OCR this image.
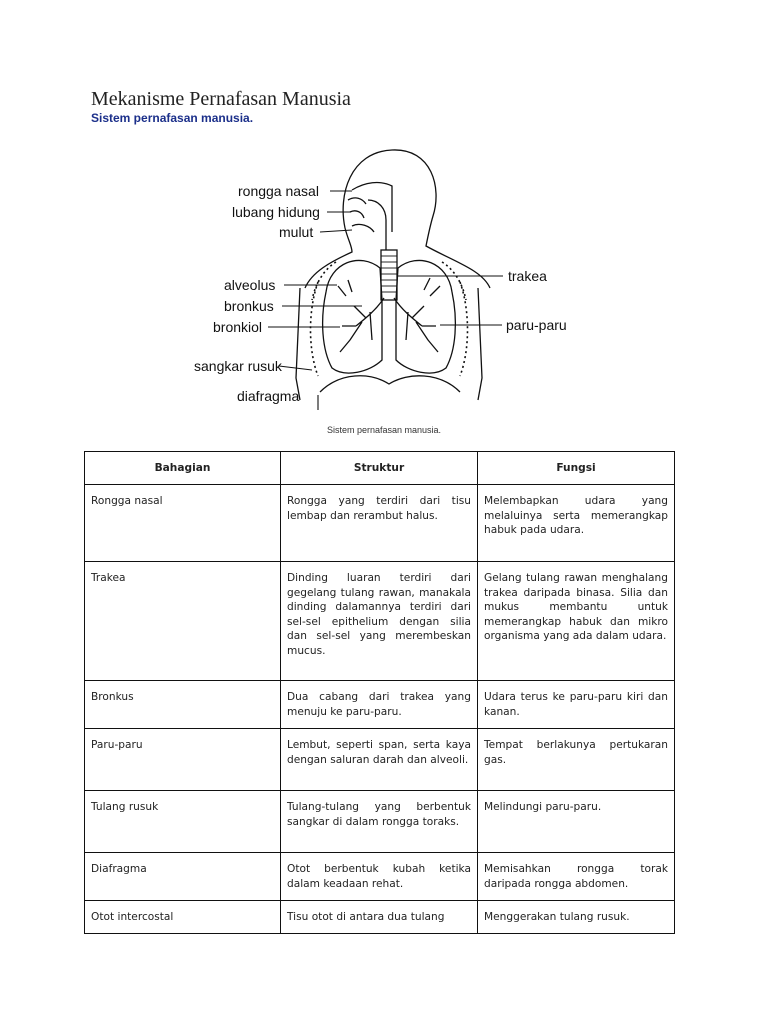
Mekanisme Pernafasan Manusia
Sistem pernafasan manusia.
rongga nasal
lubang hidung
mulut
alveolus
bronkus
bronkiol
sangkar rusuk
diafragma
trakea
paru-paru
Sistem pernafasan manusia.
Bahagian	Struktur	Fungsi
Rongga nasal	Rongga yang terdiri dari tisu lembap dan rerambut halus.	Melembapkan udara yang melaluinya serta memerangkap habuk pada udara.
Trakea	Dinding luaran terdiri dari gegelang tulang rawan, manakala dinding dalamannya terdiri dari sel-sel epithelium dengan silia dan sel-sel yang merembeskan mucus.	Gelang tulang rawan menghalang trakea daripada binasa. Silia dan mukus membantu untuk memerangkap habuk dan mikro organisma yang ada dalam udara.
Bronkus	Dua cabang dari trakea yang menuju ke paru-paru.	Udara terus ke paru-paru kiri dan kanan.
Paru-paru	Lembut, seperti span, serta kaya dengan saluran darah dan alveoli.	Tempat berlakunya pertukaran gas.
Tulang rusuk	Tulang-tulang yang berbentuk sangkar di dalam rongga toraks.	Melindungi paru-paru.
Diafragma	Otot berbentuk kubah ketika dalam keadaan rehat.	Memisahkan rongga torak daripada rongga abdomen.
Otot intercostal	Tisu otot di antara dua tulang	Menggerakan tulang rusuk.
